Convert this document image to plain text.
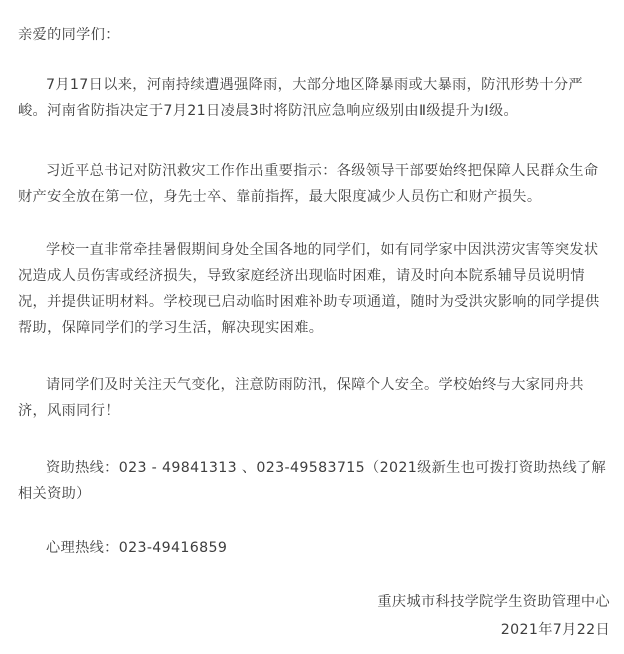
亲爱的同学们：
7月17日以来，河南持续遭遇强降雨，大部分地区降暴雨或大暴雨，防汛形势十分严峻。河南省防指决定于7月21日凌晨3时将防汛应急响应级别由Ⅱ级提升为Ⅰ级。
习近平总书记对防汛救灾工作作出重要指示：各级领导干部要始终把保障人民群众生命财产安全放在第一位，身先士卒、靠前指挥，最大限度减少人员伤亡和财产损失。
学校一直非常牵挂暑假期间身处全国各地的同学们，如有同学家中因洪涝灾害等突发状况造成人员伤害或经济损失，导致家庭经济出现临时困难，请及时向本院系辅导员说明情况，并提供证明材料。学校现已启动临时困难补助专项通道，随时为受洪灾影响的同学提供帮助，保障同学们的学习生活，解决现实困难。
请同学们及时关注天气变化，注意防雨防汛，保障个人安全。学校始终与大家同舟共济，风雨同行！
资助热线：023 - 49841313 、023-49583715（2021级新生也可拨打资助热线了解相关资助）
心理热线：023-49416859
重庆城市科技学院学生资助管理中心
2021年7月22日
